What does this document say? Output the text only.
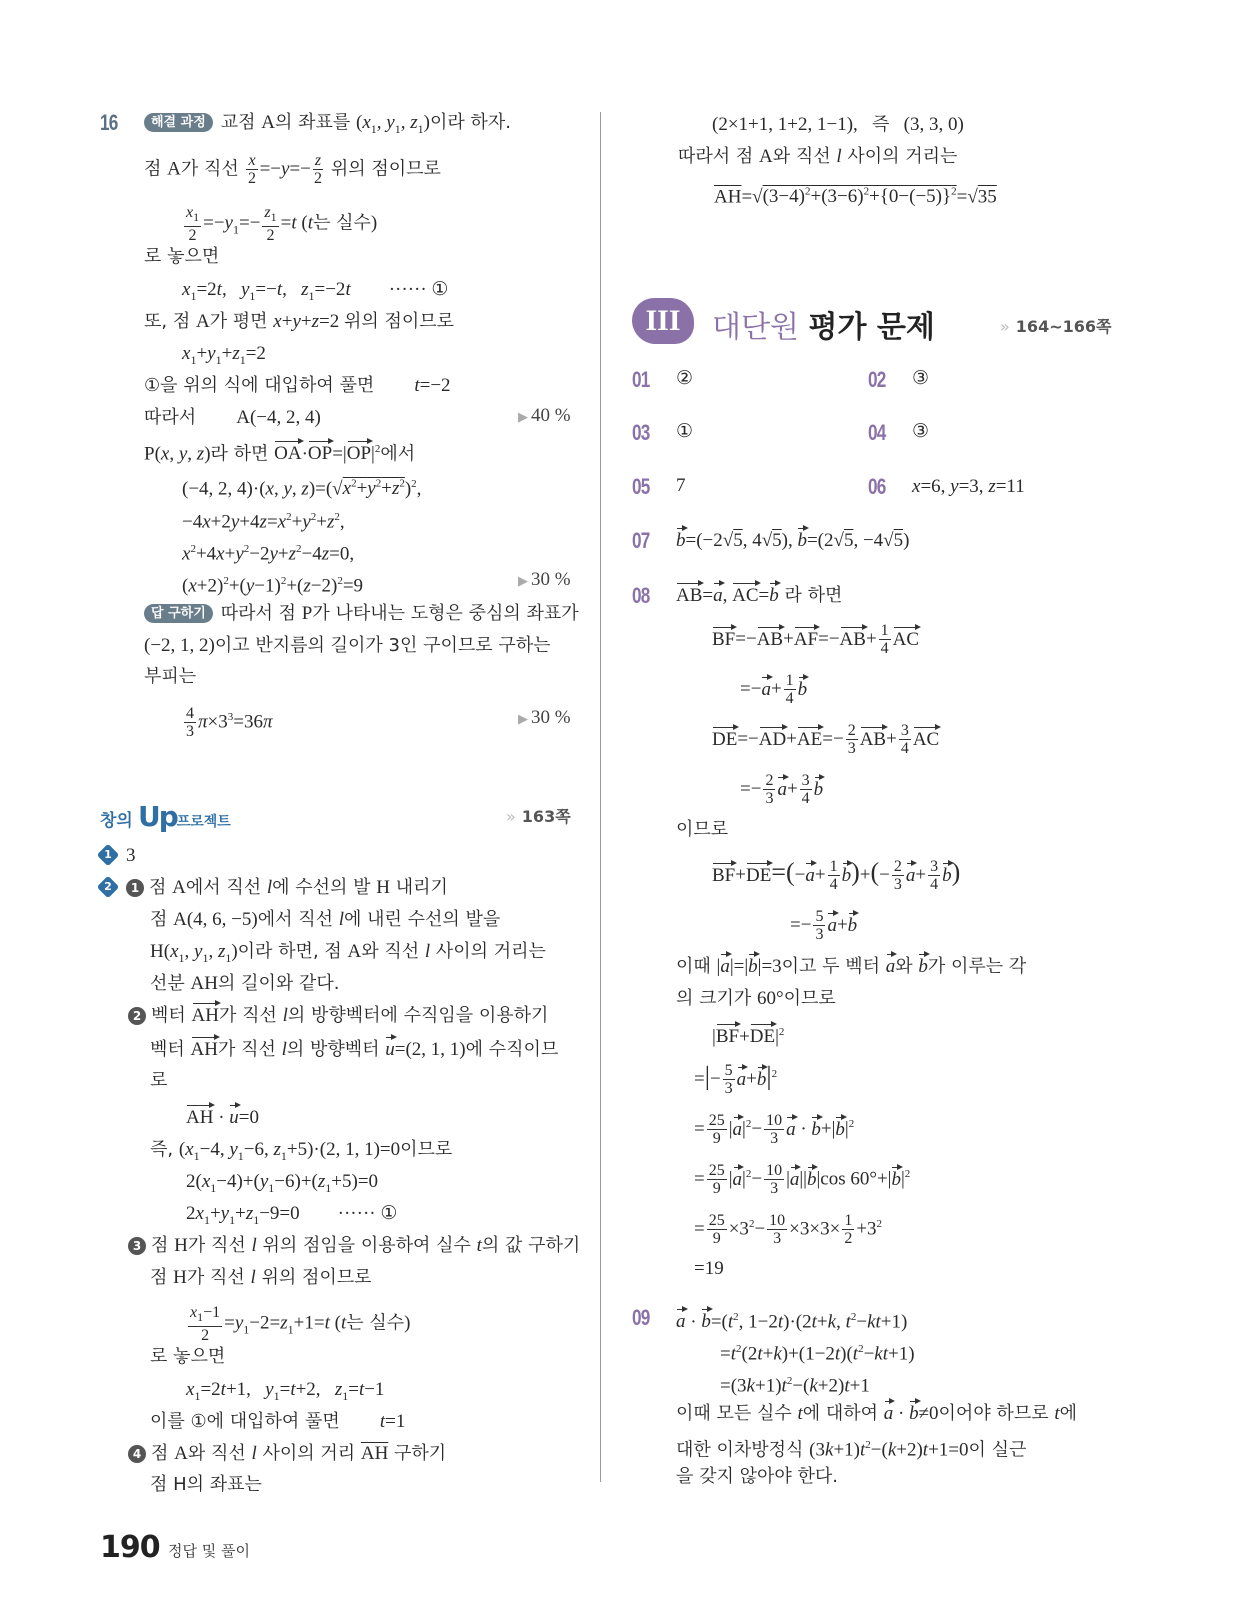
16	해결 과정 교점 A의 좌표를 ($x_1$, $y_1$, $z_1$)이라 하자.
점 A가 직선 $\frac{x}{2} =-y=- \frac{z}{2}$ 위의 점이므로
$\frac{x_1}{2} =-y_1=- \frac{z_1}{2} =t$ (t는 실수)
로 놓으면
$x_1=2t$,   $y_1=-t$,   $z_1=-2t$        ······ ①
또, 점 A가 평면 x+y+z=2 위의 점이므로
$x_1+y_1+z_1=2$
①을 위의 식에 대입하여 풀면       t=−2
따라서       A(−4, 2, 4)	▶ 40 %
P(x, y, z)라 하면 $OA\cdot OP=|OP|^2$에서
(−4, 2, 4)·(x, y, $z)=(√x^2+y^2+z^2)^2$,
$-4x+2y+4z=x^2+y^2+z^2$,
$x^2+4x+y^2-2y+z^2-4z=0$,
$(x+2)^2+(y-1)^2+(z-2)^2=9$	▶ 30 %
답 구하기 따라서 점 P가 나타내는 도형은 중심의 좌표가
(−2, 1, 2)이고 반지름의 길이가 3인 구이므로 구하는
부피는
$\frac{4}{3} \pi\times 3^3=36\pi$	▶ 30 %
창의 Up프로젝트	» 163쪽
1 3
2	1 점 A에서 직선 l에 수선의 발 H 내리기
점 A(4, 6, −5)에서 직선 l에 내린 수선의 발을
$H(x_1$, $y_1$, $z_1$)이라 하면, 점 A와 직선 l 사이의 거리는
선분 AH의 길이와 같다.
2 벡터 AH가 직선 l의 방향벡터에 수직임을 이용하기
벡터 AH가 직선 l의 방향벡터 u=(2, 1, 1)에 수직이므
로
AH · u=0
즉, ($x_1-4$, $y_1-6$, $z_1+5)\cdot(2$, 1, 1)=0이므로
$2(x_1-4)+(y_1-6)+(z_1+5)=0$
$2x_1+y_1+z_1-9=0$        ······ ①
3 점 H가 직선 l 위의 점임을 이용하여 실수 t의 값 구하기
점 H가 직선 l 위의 점이므로
$\frac{x_1-1}{2} =y_1-2=z_1+1=t$ (t는 실수)
로 놓으면
$x_1=2t+1$,   $y_1=t+2$,   $z_1=t-1$
이를 ①에 대입하여 풀면       t=1
4 점 A와 직선 l 사이의 거리 $\overline{AH}$ 구하기
점 H의 좌표는
(2×1+1, 1+2, 1−1),   즉   (3, 3, 0)
따라서 점 A와 직선 l 사이의 거리는
$\overline{AH}=√(3-4)^2+(3-6)^2+\{0-(-5)\}^2=√35$
III	대단원 평가 문제	» 164~166쪽
01 ②	02 ③
03 ①	04 ③
05 7	06 x=6, y=3, z=11
07 b=(−2√5, 4√5), b=(2√5, −4√5)
08 AB=a, AC=b 라 하면
$BF=-AB+AF=-AB+ \frac{1}{4}$ AC
$=-a+ \frac{1}{4}$ b
$DE=-AD+AE=- \frac{2}{3} AB+ \frac{3}{4}$ AC
=− $\frac{2}{3} a+ \frac{3}{4}$ b
이므로
$BF+DE=(-a+ \frac{1}{4} b)+(- \frac{2}{3} a+ \frac{3}{4} b)$
=− $\frac{5}{3} a+b$
이때 |a|=|b|=3이고 두 벡터 a와 b가 이루는 각
의 크기가 60°이므로
$|BF+DE|^2$
=|− $\frac{5}{3} a+b|^2$
= $\frac{25}{9} |a|^2- \frac{10}{3}$ $a \cdot b+|b|^2$
= $\frac{25}{9} |a|^2- \frac{10}{3} |a||b|\cos$ $60^\circ+|b|^2$
= $\frac{25}{9} \times 3^2- \frac{10}{3} \times 3\times 3\times \frac{1}{2} +3^2$
=19
09 $a \cdot b=(t^2$, 1−2t)·(2t+k, $t^2-kt+1$)
$=t^2(2t+k)+(1-2t)(t^2-kt+1)$
$=(3k+1)t^2-(k+2)t+1$
이때 모든 실수 t에 대하여 a · b≠0이어야 하므로 t에
대한 이차방정식 $(3k+1)t^2-(k+2)t+1=0$이 실근
을 갖지 않아야 한다.
190 정답 및 풀이
